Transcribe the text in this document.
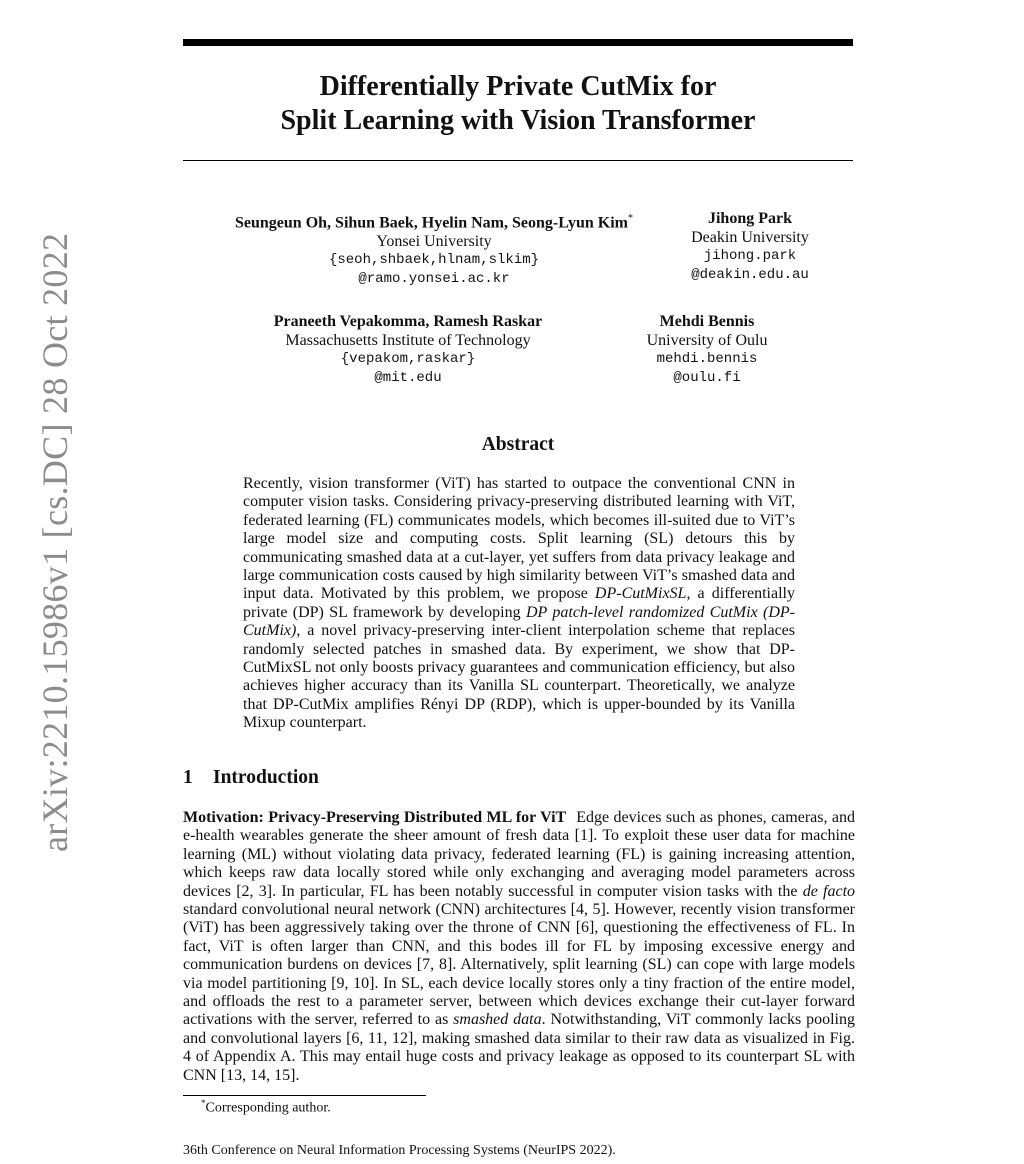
arXiv:2210.15986v1 [cs.DC] 28 Oct 2022
Differentially Private CutMix for
Split Learning with Vision Transformer
Seungeun Oh, Sihun Baek, Hyelin Nam, Seong-Lyun Kim*
Yonsei University
{seoh,shbaek,hlnam,slkim}
@ramo.yonsei.ac.kr
Jihong Park
Deakin University
jihong.park
@deakin.edu.au
Praneeth Vepakomma, Ramesh Raskar
Massachusetts Institute of Technology
{vepakom,raskar}
@mit.edu
Mehdi Bennis
University of Oulu
mehdi.bennis
@oulu.fi
Abstract
Recently, vision transformer (ViT) has started to outpace the conventional CNN in computer vision tasks. Considering privacy-preserving distributed learning with ViT, federated learning (FL) communicates models, which becomes ill-suited due to ViT’s large model size and computing costs. Split learning (SL) detours this by communicating smashed data at a cut-layer, yet suffers from data privacy leakage and large communication costs caused by high similarity between ViT’s smashed data and input data. Motivated by this problem, we propose DP-CutMixSL, a differentially private (DP) SL framework by developing DP patch-level randomized CutMix (DP-CutMix), a novel privacy-preserving inter-client interpolation scheme that replaces randomly selected patches in smashed data. By experiment, we show that DP-CutMixSL not only boosts privacy guarantees and communication efficiency, but also achieves higher accuracy than its Vanilla SL counterpart. Theoretically, we analyze that DP-CutMix amplifies Rényi DP (RDP), which is upper-bounded by its Vanilla Mixup counterpart.
1 Introduction
Motivation: Privacy-Preserving Distributed ML for ViT Edge devices such as phones, cameras, and e-health wearables generate the sheer amount of fresh data [1]. To exploit these user data for machine learning (ML) without violating data privacy, federated learning (FL) is gaining increasing attention, which keeps raw data locally stored while only exchanging and averaging model parameters across devices [2, 3]. In particular, FL has been notably successful in computer vision tasks with the de facto standard convolutional neural network (CNN) architectures [4, 5]. However, recently vision transformer (ViT) has been aggressively taking over the throne of CNN [6], questioning the effectiveness of FL. In fact, ViT is often larger than CNN, and this bodes ill for FL by imposing excessive energy and communication burdens on devices [7, 8]. Alternatively, split learning (SL) can cope with large models via model partitioning [9, 10]. In SL, each device locally stores only a tiny fraction of the entire model, and offloads the rest to a parameter server, between which devices exchange their cut-layer forward activations with the server, referred to as smashed data. Notwithstanding, ViT commonly lacks pooling and convolutional layers [6, 11, 12], making smashed data similar to their raw data as visualized in Fig. 4 of Appendix A. This may entail huge costs and privacy leakage as opposed to its counterpart SL with CNN [13, 14, 15].
*Corresponding author.
36th Conference on Neural Information Processing Systems (NeurIPS 2022).
